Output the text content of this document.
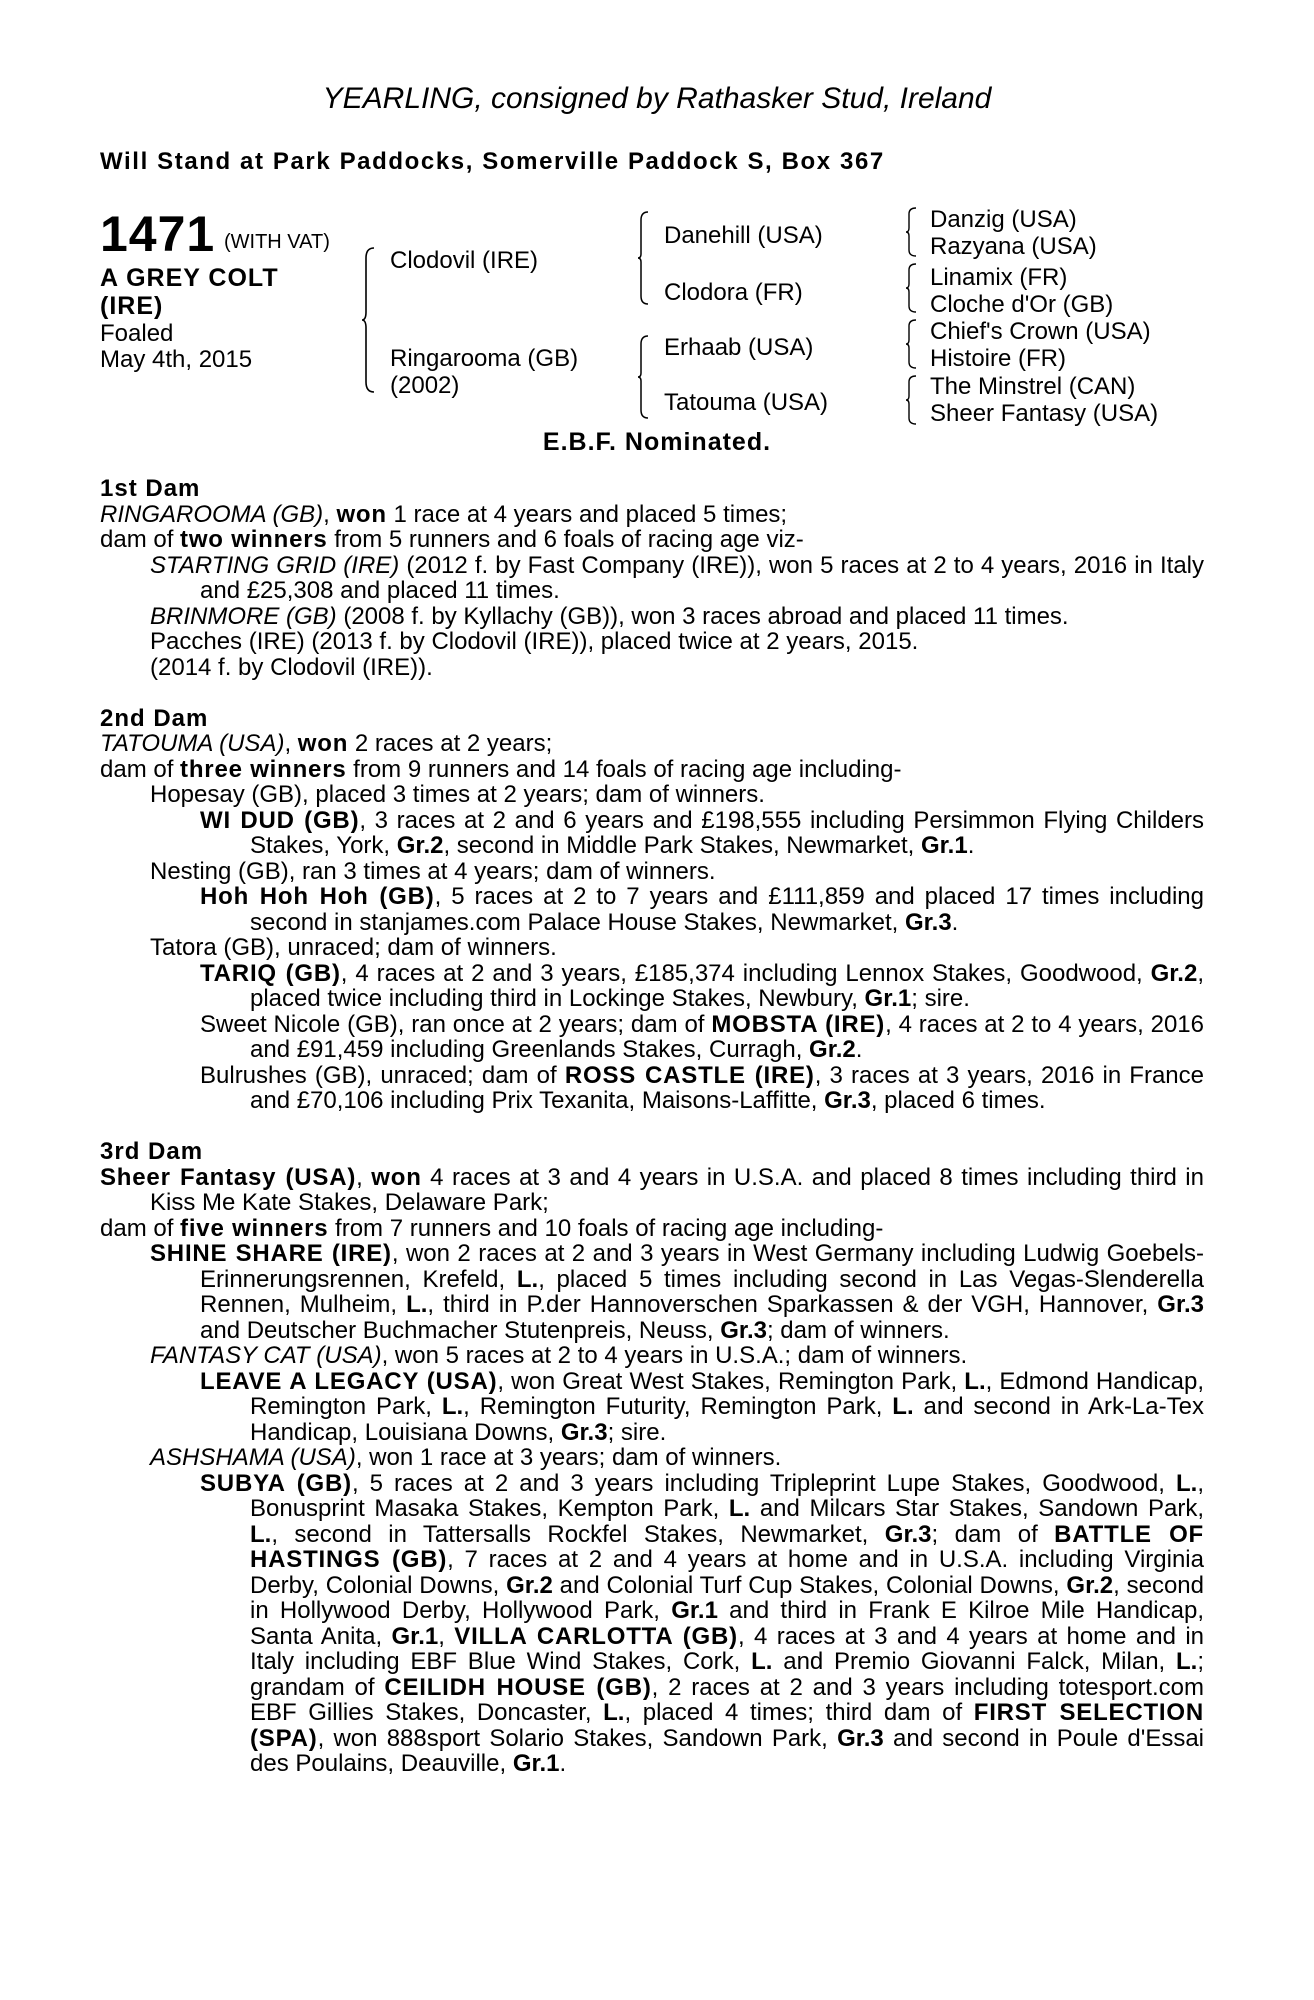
YEARLING, consigned by Rathasker Stud, Ireland
Will Stand at Park Paddocks, Somerville Paddock S, Box 367
1471 (WITH VAT)
A GREY COLT
(IRE)
Foaled
May 4th, 2015
Clodovil (IRE)
Ringarooma (GB)
(2002)
Danehill (USA)
Clodora (FR)
Erhaab (USA)
Tatouma (USA)
Danzig (USA)
Razyana (USA)
Linamix (FR)
Cloche d'Or (GB)
Chief's Crown (USA)
Histoire (FR)
The Minstrel (CAN)
Sheer Fantasy (USA)
E.B.F. Nominated.

1st Dam

RINGAROOMA (GB), won 1 race at 4 years and placed 5 times;

dam of two winners from 5 runners and 6 foals of racing age viz-

STARTING GRID (IRE) (2012 f. by Fast Company (IRE)), won 5 races at 2 to 4 years, 2016 in Italy and £25,308 and placed 11 times.

BRINMORE (GB) (2008 f. by Kyllachy (GB)), won 3 races abroad and placed 11 times.

Pacches (IRE) (2013 f. by Clodovil (IRE)), placed twice at 2 years, 2015.

(2014 f. by Clodovil (IRE)).

2nd Dam

TATOUMA (USA), won 2 races at 2 years;

dam of three winners from 9 runners and 14 foals of racing age including-

Hopesay (GB), placed 3 times at 2 years; dam of winners.

WI DUD (GB), 3 races at 2 and 6 years and £198,555 including Persimmon Flying Childers Stakes, York, Gr.2, second in Middle Park Stakes, Newmarket, Gr.1.

Nesting (GB), ran 3 times at 4 years; dam of winners.

Hoh Hoh Hoh (GB), 5 races at 2 to 7 years and £111,859 and placed 17 times including second in stanjames.com Palace House Stakes, Newmarket, Gr.3.

Tatora (GB), unraced; dam of winners.

TARIQ (GB), 4 races at 2 and 3 years, £185,374 including Lennox Stakes, Goodwood, Gr.2, placed twice including third in Lockinge Stakes, Newbury, Gr.1; sire.

Sweet Nicole (GB), ran once at 2 years; dam of MOBSTA (IRE), 4 races at 2 to 4 years, 2016 and £91,459 including Greenlands Stakes, Curragh, Gr.2.

Bulrushes (GB), unraced; dam of ROSS CASTLE (IRE), 3 races at 3 years, 2016 in France and £70,106 including Prix Texanita, Maisons-Laffitte, Gr.3, placed 6 times.

3rd Dam

Sheer Fantasy (USA), won 4 races at 3 and 4 years in U.S.A. and placed 8 times including third in Kiss Me Kate Stakes, Delaware Park;

dam of five winners from 7 runners and 10 foals of racing age including-

SHINE SHARE (IRE), won 2 races at 2 and 3 years in West Germany including Ludwig Goebels-Erinnerungsrennen, Krefeld, L., placed 5 times including second in Las Vegas-Slenderella Rennen, Mulheim, L., third in P.der Hannoverschen Sparkassen & der VGH, Hannover, Gr.3 and Deutscher Buchmacher Stutenpreis, Neuss, Gr.3; dam of winners.

FANTASY CAT (USA), won 5 races at 2 to 4 years in U.S.A.; dam of winners.

LEAVE A LEGACY (USA), won Great West Stakes, Remington Park, L., Edmond Handicap, Remington Park, L., Remington Futurity, Remington Park, L. and second in Ark-La-Tex Handicap, Louisiana Downs, Gr.3; sire.

ASHSHAMA (USA), won 1 race at 3 years; dam of winners.

SUBYA (GB), 5 races at 2 and 3 years including Tripleprint Lupe Stakes, Goodwood, L., Bonusprint Masaka Stakes, Kempton Park, L. and Milcars Star Stakes, Sandown Park, L., second in Tattersalls Rockfel Stakes, Newmarket, Gr.3; dam of BATTLE OF HASTINGS (GB), 7 races at 2 and 4 years at home and in U.S.A. including Virginia Derby, Colonial Downs, Gr.2 and Colonial Turf Cup Stakes, Colonial Downs, Gr.2, second in Hollywood Derby, Hollywood Park, Gr.1 and third in Frank E Kilroe Mile Handicap, Santa Anita, Gr.1, VILLA CARLOTTA (GB), 4 races at 3 and 4 years at home and in Italy including EBF Blue Wind Stakes, Cork, L. and Premio Giovanni Falck, Milan, L.; grandam of CEILIDH HOUSE (GB), 2 races at 2 and 3 years including totesport.com EBF Gillies Stakes, Doncaster, L., placed 4 times; third dam of FIRST SELECTION (SPA), won 888sport Solario Stakes, Sandown Park, Gr.3 and second in Poule d'Essai des Poulains, Deauville, Gr.1.
